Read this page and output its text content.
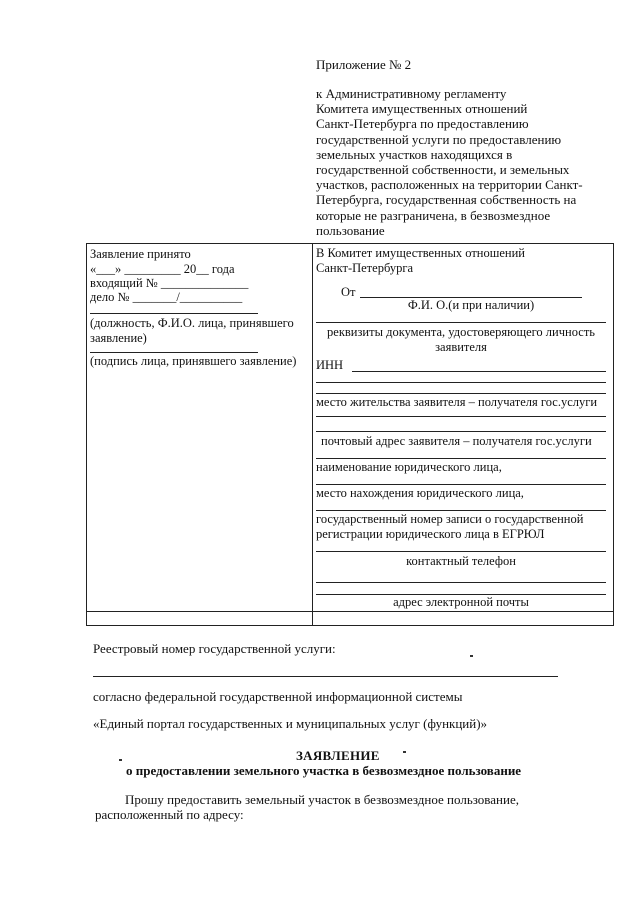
Приложение № 2
к Административному регламенту
Комитета имущественных отношений
Санкт-Петербурга по предоставлению
государственной услуги по предоставлению
земельных участков находящихся в
государственной собственности, и земельных
участков, расположенных на территории Санкт-
Петербурга, государственная собственность на
которые не разграничена, в безвозмездное
пользование
Заявление принято
«___» _________ 20__ года
входящий № ______________
дело № _______/__________
(должность, Ф.И.О. лица, принявшего заявление)
(подпись лица, принявшего заявление)
В Комитет имущественных отношений
Санкт-Петербурга
От
Ф.И. О.(и при наличии)
реквизиты документа, удостоверяющего личность заявителя
ИНН
место жительства заявителя – получателя гос.услуги
почтовый адрес заявителя – получателя гос.услуги
наименование юридического лица,
место нахождения юридического лица,
государственный номер записи о государственной регистрации юридического лица в ЕГРЮЛ
контактный телефон
адрес электронной почты
Реестровый номер государственной услуги:
согласно федеральной государственной информационной системы
«Единый портал государственных и муниципальных услуг (функций)»
ЗАЯВЛЕНИЕ
о предоставлении земельного участка в безвозмездное пользование
Прошу предоставить земельный участок в безвозмездное пользование,
расположенный по адресу:
